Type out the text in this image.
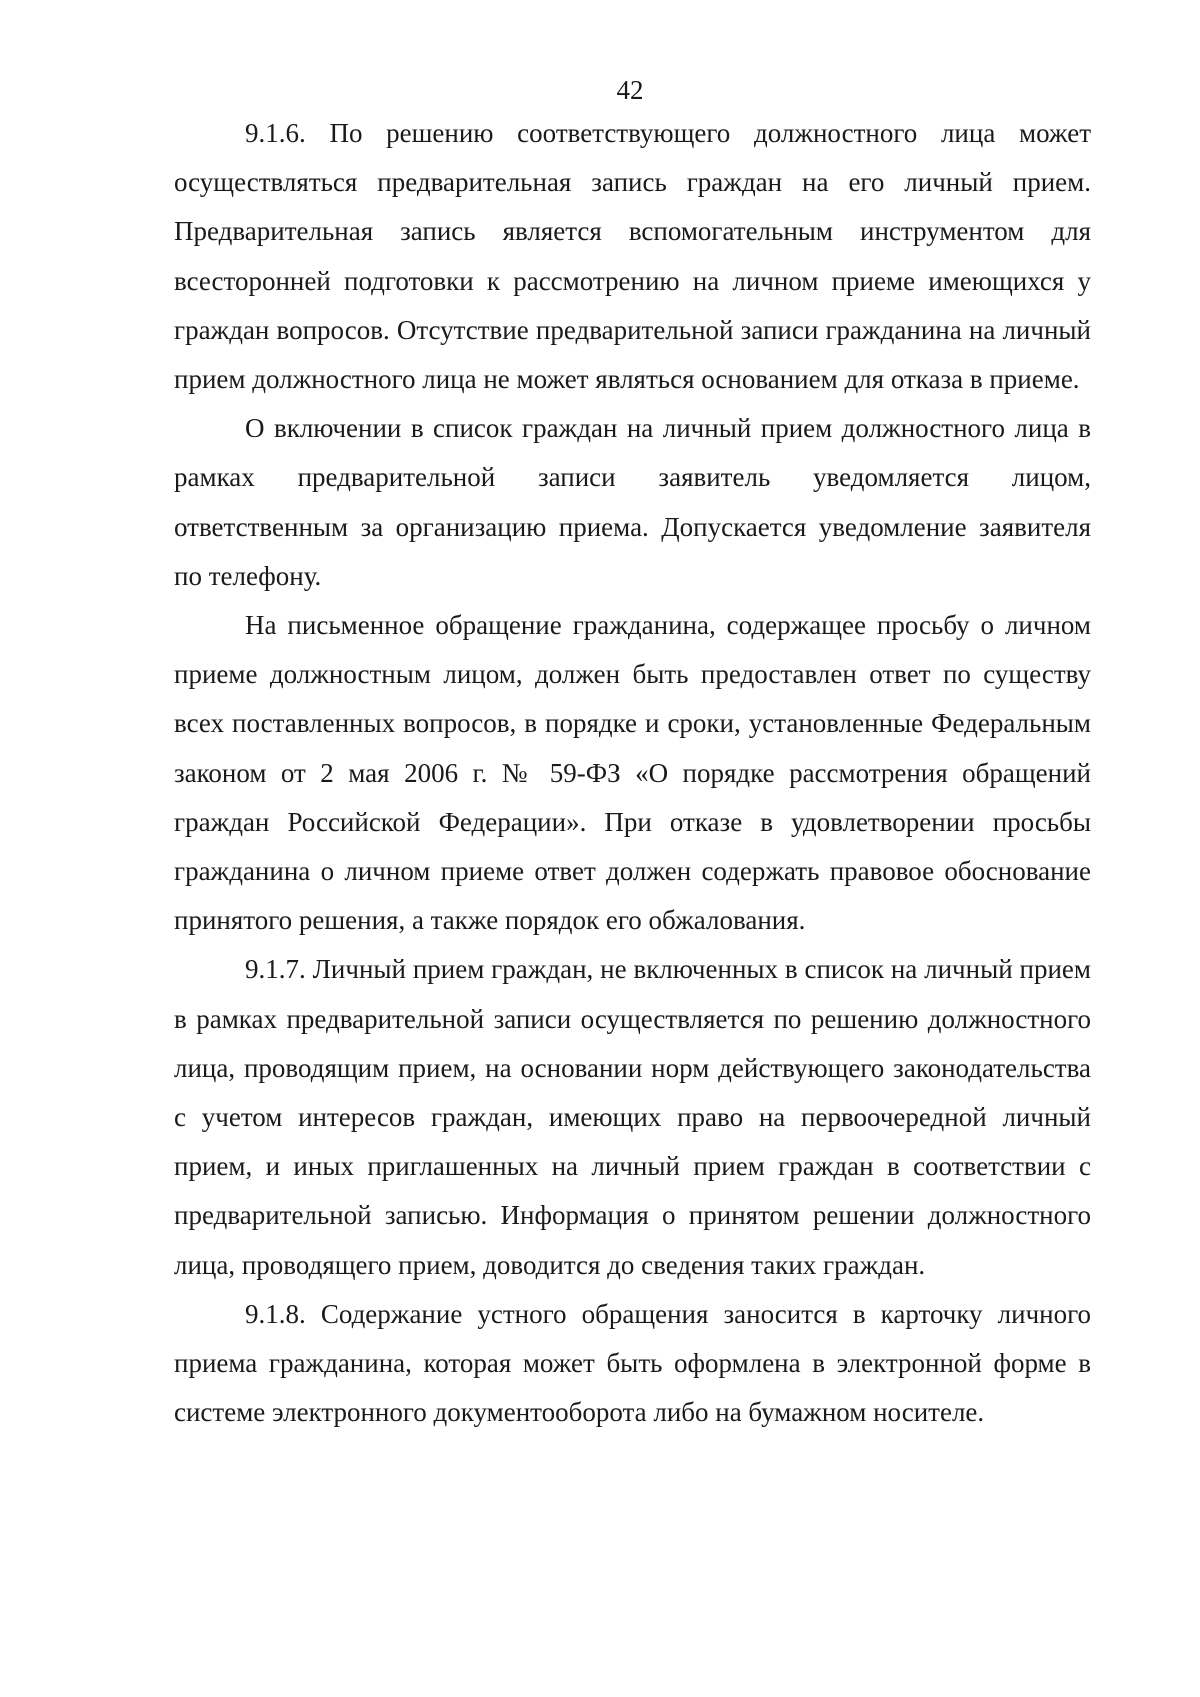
42

9.1.6. По решению соответствующего должностного лица может осуществляться предварительная запись граждан на его личный прием. Предварительная запись является вспомогательным инструментом для всесторонней подготовки к рассмотрению на личном приеме имеющихся у граждан вопросов. Отсутствие предварительной записи гражданина на личный прием должностного лица не может являться основанием для отказа в приеме.

О включении в список граждан на личный прием должностного лица в рамках предварительной записи заявитель уведомляется лицом, ответственным за организацию приема. Допускается уведомление заявителя по телефону.

На письменное обращение гражданина, содержащее просьбу о личном приеме должностным лицом, должен быть предоставлен ответ по существу всех поставленных вопросов, в порядке и сроки, установленные Федеральным законом от 2 мая 2006 г. № 59-ФЗ «О порядке рассмотрения обращений граждан Российской Федерации». При отказе в удовлетворении просьбы гражданина о личном приеме ответ должен содержать правовое обоснование принятого решения, а также порядок его обжалования.

9.1.7. Личный прием граждан, не включенных в список на личный прием в рамках предварительной записи осуществляется по решению должностного лица, проводящим прием, на основании норм действующего законодательства с учетом интересов граждан, имеющих право на первоочередной личный прием, и иных приглашенных на личный прием граждан в соответствии с предварительной записью. Информация о принятом решении должностного лица, проводящего прием, доводится до сведения таких граждан.

9.1.8. Содержание устного обращения заносится в карточку личного приема гражданина, которая может быть оформлена в электронной форме в системе электронного документооборота либо на бумажном носителе.
